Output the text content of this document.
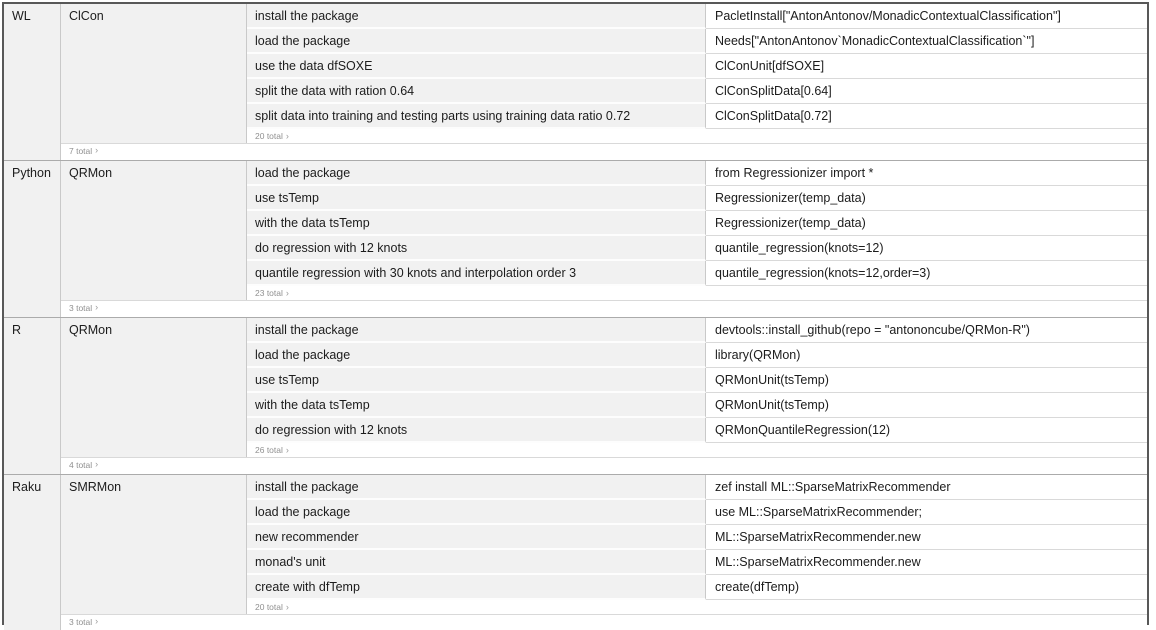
WL	ClCon	install the package	PacletInstall["AntonAntonov/MonadicContextualClassification"]
load the package	Needs["AntonAntonov`MonadicContextualClassification`"]
use the data dfSOXE	ClConUnit[dfSOXE]
split the data with ration 0.64	ClConSplitData[0.64]
split data into training and testing parts using training data ratio 0.72	ClConSplitData[0.72]
20 total ›
7 total ›
Python	QRMon	load the package	from Regressionizer import *
use tsTemp	Regressionizer(temp_data)
with the data tsTemp	Regressionizer(temp_data)
do regression with 12 knots	quantile_regression(knots=12)
quantile regression with 30 knots and interpolation order 3	quantile_regression(knots=12,order=3)
23 total ›
3 total ›
R	QRMon	install the package	devtools::install_github(repo = "antononcube/QRMon-R")
load the package	library(QRMon)
use tsTemp	QRMonUnit(tsTemp)
with the data tsTemp	QRMonUnit(tsTemp)
do regression with 12 knots	QRMonQuantileRegression(12)
26 total ›
4 total ›
Raku	SMRMon	install the package	zef install ML::SparseMatrixRecommender
load the package	use ML::SparseMatrixRecommender;
new recommender	ML::SparseMatrixRecommender.new
monad's unit	ML::SparseMatrixRecommender.new
create with dfTemp	create(dfTemp)
20 total ›
3 total ›
